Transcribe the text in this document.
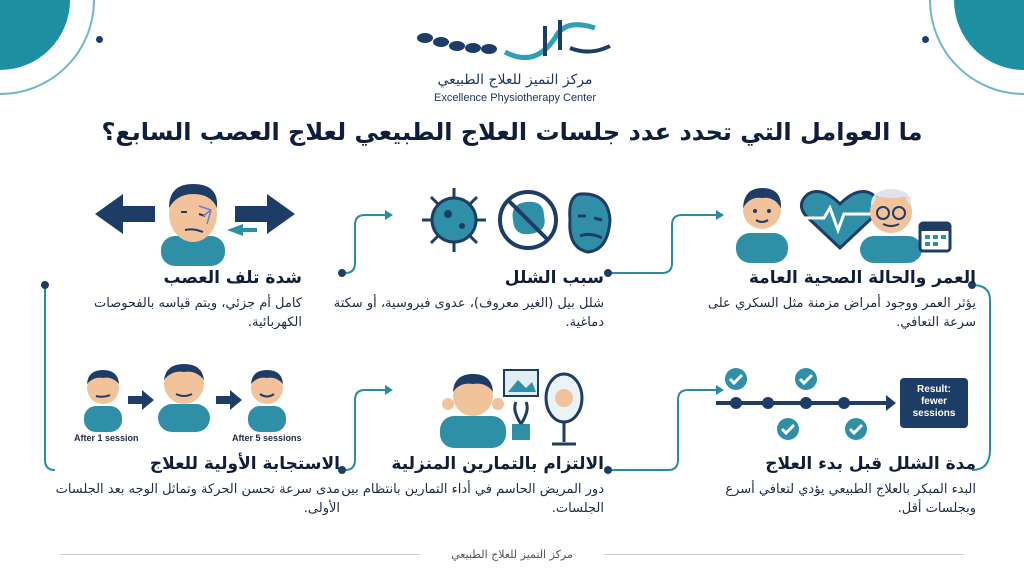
مركز التميز للعلاج الطبيعي
Excellence Physiotherapy Center
ما العوامل التي تحدد عدد جلسات العلاج الطبيعي لعلاج العصب السابع؟
Result:
fewer
sessions
After 1 session	After 5 sessions
العمر والحالة الصحية العامة

يؤثر العمر ووجود أمراض مزمنة مثل السكري على سرعة التعافي.

سبب الشلل

شلل بيل (الغير معروف)، عدوى فيروسية، أو سكتة دماغية.

شدة تلف العصب

كامل أم جزئي، ويتم قياسه بالفحوصات الكهربائية.

مدة الشلل قبل بدء العلاج

البدء المبكر بالعلاج الطبيعي يؤدي لتعافي أسرع وبجلسات أقل.

الالتزام بالتمارين المنزلية

دور المريض الحاسم في أداء التمارين بانتظام بين الجلسات.

الاستجابة الأولية للعلاج

مدى سرعة تحسن الحركة وتماثل الوجه بعد الجلسات الأولى.

مركز التميز للعلاج الطبيعي
